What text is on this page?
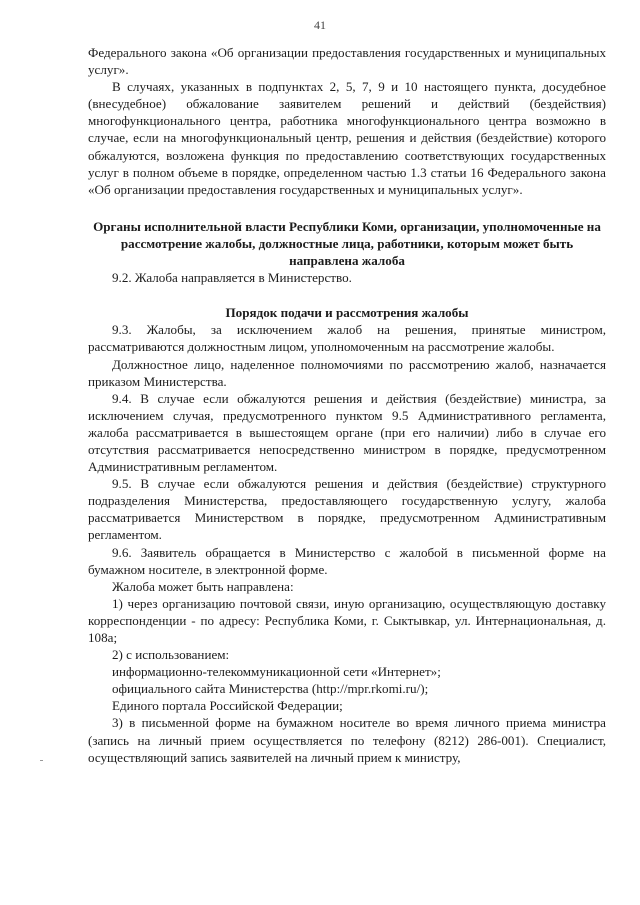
41

Федерального закона «Об организации предоставления государственных и муниципальных услуг».

В случаях, указанных в подпунктах 2, 5, 7, 9 и 10 настоящего пункта, досудебное (внесудебное) обжалование заявителем решений и действий (бездействия) многофункционального центра, работника многофункционального центра возможно в случае, если на многофункциональный центр, решения и действия (бездействие) которого обжалуются, возложена функция по предоставлению соответствующих государственных услуг в полном объеме в порядке, определенном частью 1.3 статьи 16 Федерального закона «Об организации предоставления государственных и муниципальных услуг».

Органы исполнительной власти Республики Коми, организации, уполномоченные на рассмотрение жалобы, должностные лица, работники, которым может быть направлена жалоба

9.2. Жалоба направляется в Министерство.

Порядок подачи и рассмотрения жалобы

9.3. Жалобы, за исключением жалоб на решения, принятые министром, рассматриваются должностным лицом, уполномоченным на рассмотрение жалобы.

Должностное лицо, наделенное полномочиями по рассмотрению жалоб, назначается приказом Министерства.

9.4. В случае если обжалуются решения и действия (бездействие) министра, за исключением случая, предусмотренного пунктом 9.5 Административного регламента, жалоба рассматривается в вышестоящем органе (при его наличии) либо в случае его отсутствия рассматривается непосредственно министром в порядке, предусмотренном Административным регламентом.

9.5. В случае если обжалуются решения и действия (бездействие) структурного подразделения Министерства, предоставляющего государственную услугу, жалоба рассматривается Министерством в порядке, предусмотренном Административным регламентом.

9.6. Заявитель обращается в Министерство с жалобой в письменной форме на бумажном носителе, в электронной форме.

Жалоба может быть направлена:

1) через организацию почтовой связи, иную организацию, осуществляющую доставку корреспонденции - по адресу: Республика Коми, г. Сыктывкар, ул. Интернациональная, д. 108а;

2) с использованием:

информационно-телекоммуникационной сети «Интернет»;

официального сайта Министерства (http://mpr.rkomi.ru/);

Единого портала Российской Федерации;

3) в письменной форме на бумажном носителе во время личного приема министра (запись на личный прием осуществляется по телефону (8212) 286-001). Специалист, осуществляющий запись заявителей на личный прием к министру,
